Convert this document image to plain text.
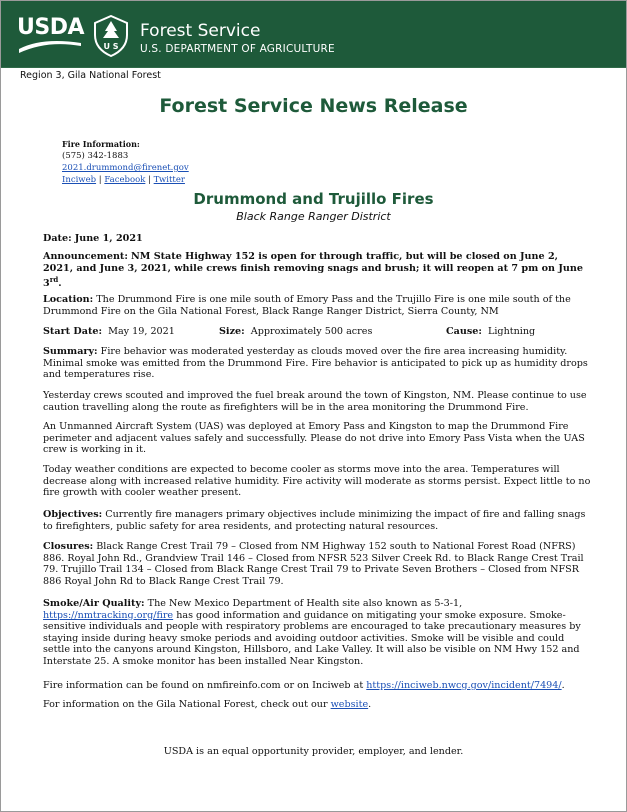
USDA
U S
Forest Service
U.S. DEPARTMENT OF AGRICULTURE
Region 3, Gila National Forest
Forest Service News Release
Fire Information:
(575) 342-1883
2021.drummond@firenet.gov
Inciweb | Facebook | Twitter
Drummond and Trujillo Fires
Black Range Ranger District
Date: June 1, 2021
Announcement: NM State Highway 152 is open for through traffic, but will be closed on June 2, 2021, and June 3, 2021, while crews finish removing snags and brush; it will reopen at 7 pm on June 3rd.
Location: The Drummond Fire is one mile south of Emory Pass and the Trujillo Fire is one mile south of the Drummond Fire on the Gila National Forest, Black Range Ranger District, Sierra County, NM
Start Date: May 19, 2021	Size: Approximately 500 acres	Cause: Lightning
Summary: Fire behavior was moderated yesterday as clouds moved over the fire area increasing humidity. Minimal smoke was emitted from the Drummond Fire. Fire behavior is anticipated to pick up as humidity drops and temperatures rise.
Yesterday crews scouted and improved the fuel break around the town of Kingston, NM. Please continue to use caution travelling along the route as firefighters will be in the area monitoring the Drummond Fire.
An Unmanned Aircraft System (UAS) was deployed at Emory Pass and Kingston to map the Drummond Fire perimeter and adjacent values safely and successfully. Please do not drive into Emory Pass Vista when the UAS crew is working in it.
Today weather conditions are expected to become cooler as storms move into the area. Temperatures will decrease along with increased relative humidity. Fire activity will moderate as storms persist. Expect little to no fire growth with cooler weather present.
Objectives: Currently fire managers primary objectives include minimizing the impact of fire and falling snags to firefighters, public safety for area residents, and protecting natural resources.
Closures: Black Range Crest Trail 79 – Closed from NM Highway 152 south to National Forest Road (NFRS) 886. Royal John Rd., Grandview Trail 146 – Closed from NFSR 523 Silver Creek Rd. to Black Range Crest Trail 79. Trujillo Trail 134 – Closed from Black Range Crest Trail 79 to Private Seven Brothers – Closed from NFSR 886 Royal John Rd to Black Range Crest Trail 79.
Smoke/Air Quality: The New Mexico Department of Health site also known as 5-3-1, https://nmtracking.org/fire has good information and guidance on mitigating your smoke exposure. Smoke-sensitive individuals and people with respiratory problems are encouraged to take precautionary measures by staying inside during heavy smoke periods and avoiding outdoor activities. Smoke will be visible and could settle into the canyons around Kingston, Hillsboro, and Lake Valley. It will also be visible on NM Hwy 152 and Interstate 25. A smoke monitor has been installed Near Kingston.
Fire information can be found on nmfireinfo.com or on Inciweb at https://inciweb.nwcg.gov/incident/7494/.
For information on the Gila National Forest, check out our website.
USDA is an equal opportunity provider, employer, and lender.
